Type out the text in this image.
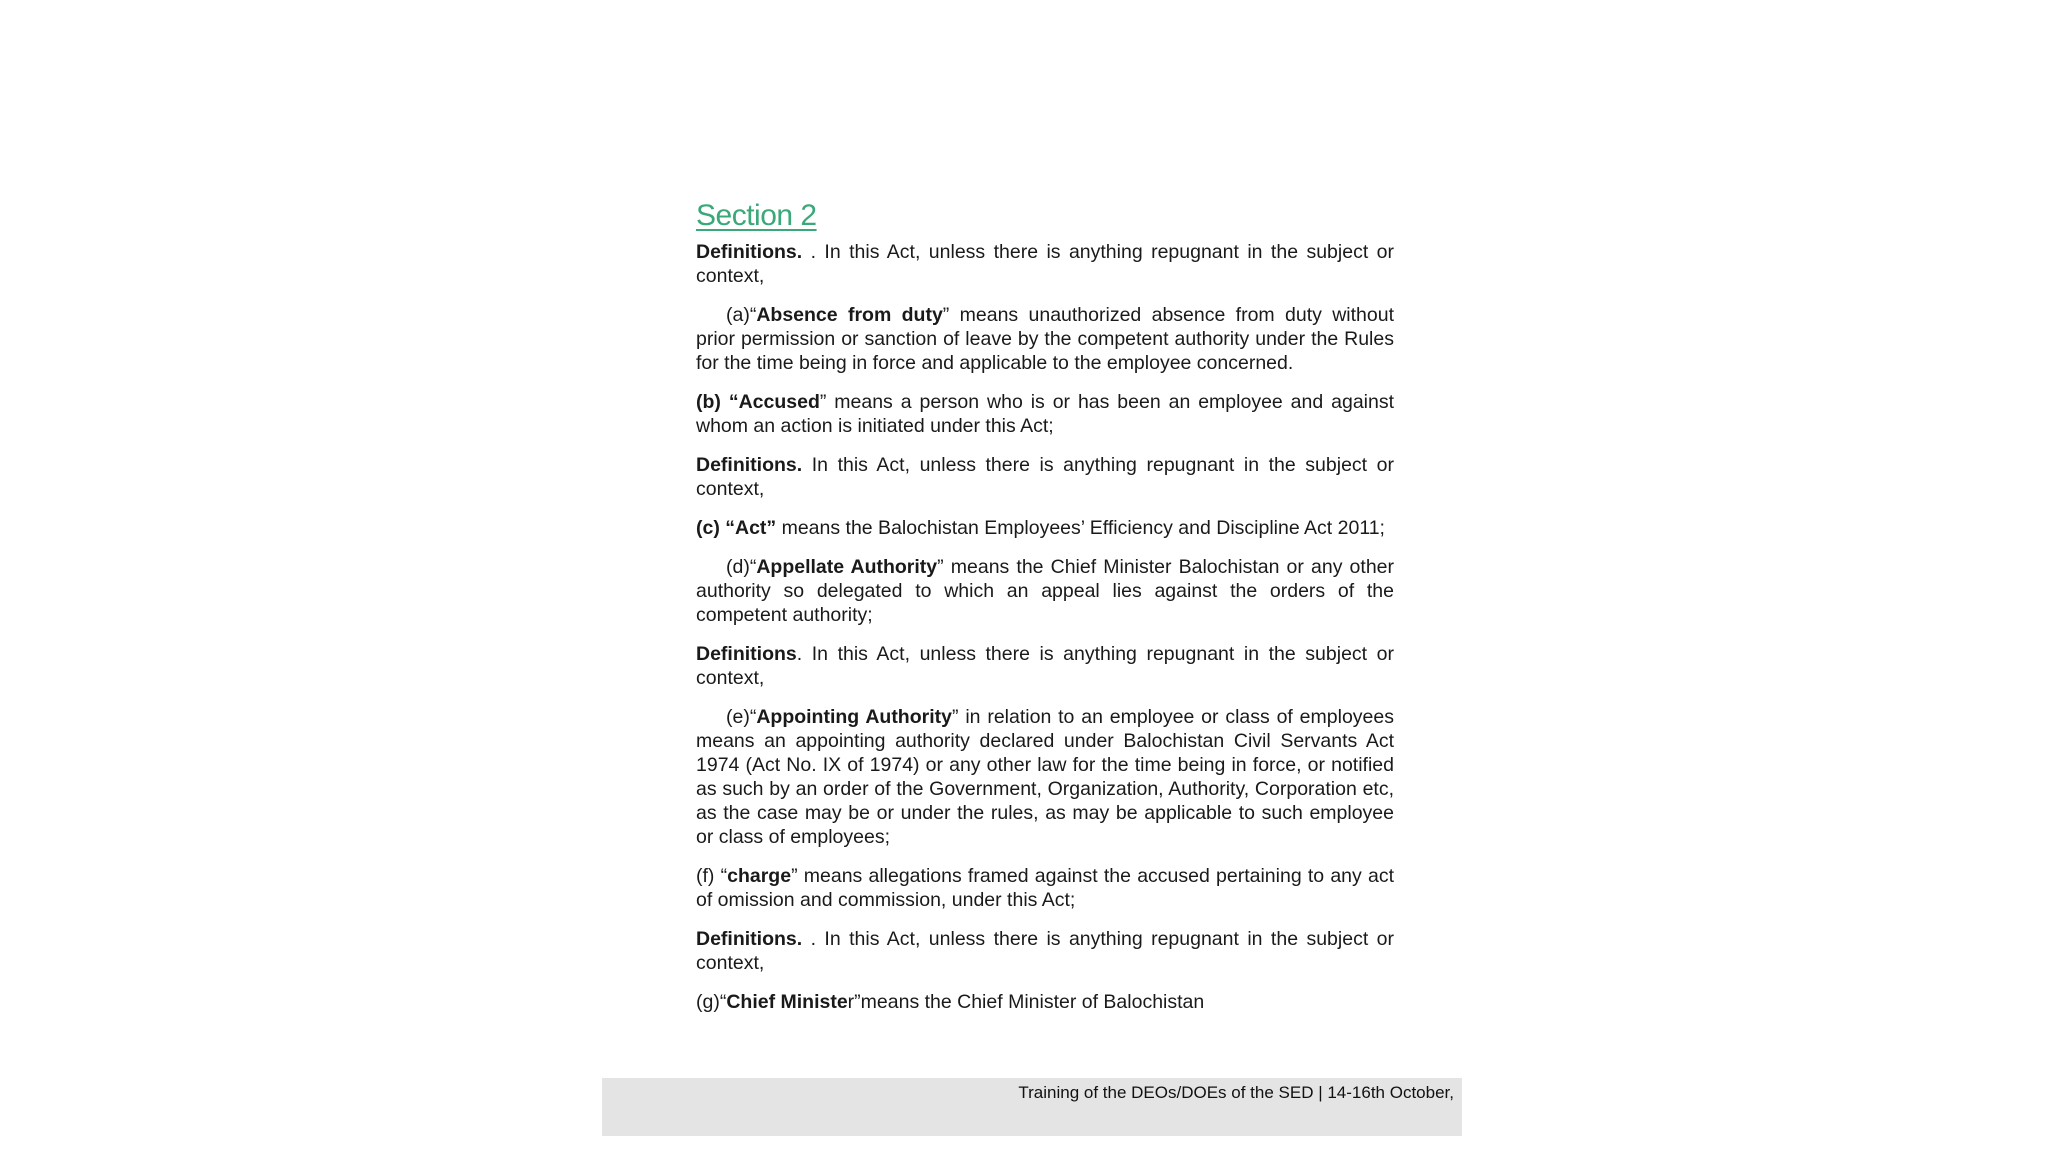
Section 2

Definitions. . In this Act, unless there is anything repugnant in the subject or context,

(a)“Absence from duty” means unauthorized absence from duty without prior permission or sanction of leave by the competent authority under the Rules for the time being in force and applicable to the employee concerned.

(b) “Accused” means a person who is or has been an employee and against whom an action is initiated under this Act;

Definitions. In this Act, unless there is anything repugnant in the subject or context,

(c) “Act” means the Balochistan Employees’ Efficiency and Discipline Act 2011;

(d)“Appellate Authority” means the Chief Minister Balochistan or any other authority so delegated to which an appeal lies against the orders of the competent authority;

Definitions. In this Act, unless there is anything repugnant in the subject or context,

(e)“Appointing Authority” in relation to an employee or class of employees means an appointing authority declared under Balochistan Civil Servants Act 1974 (Act No. IX of 1974) or any other law for the time being in force, or notified as such by an order of the Government, Organization, Authority, Corporation etc, as the case may be or under the rules, as may be applicable to such employee or class of employees;

(f) “charge” means allegations framed against the accused pertaining to any act of omission and commission, under this Act;

Definitions. . In this Act, unless there is anything repugnant in the subject or context,

(g)“Chief Minister”means the Chief Minister of Balochistan

Training of the DEOs/DOEs of the SED | 14-16th October,
